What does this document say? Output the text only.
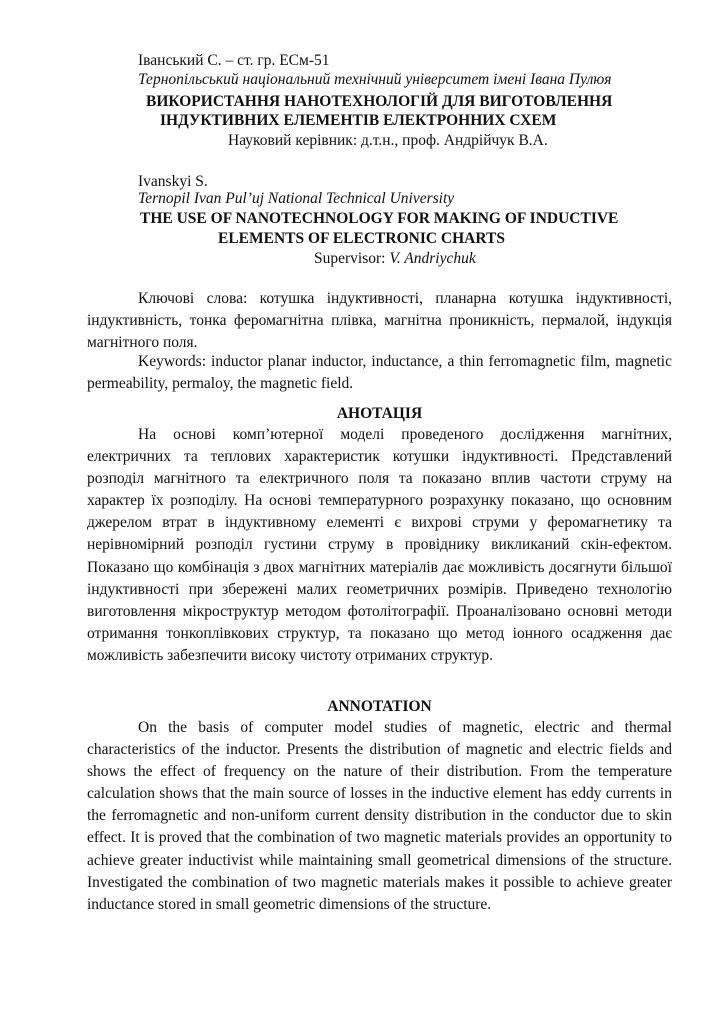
Іванський С. – ст. гр. ЕСм-51
Тернопільський національний технічний університет імені Івана Пулюя
ВИКОРИСТАННЯ НАНОТЕХНОЛОГІЙ ДЛЯ ВИГОТОВЛЕННЯ
ІНДУКТИВНИХ ЕЛЕМЕНТІВ ЕЛЕКТРОННИХ СХЕМ
Науковий керівник: д.т.н., проф. Андрійчук В.А.
Ivanskyi S.
Ternopil Ivan Pul’uj National Technical University
THE USE OF NANOTECHNOLOGY FOR MAKING OF INDUCTIVE
ELEMENTS OF ELECTRONIC CHARTS
Supervisor: V. Andriychuk

Ключові слова: котушка індуктивності, планарна котушка індуктивності, індуктивність, тонка феромагнітна плівка, магнітна проникність, пермалой, індукція магнітного поля.

Keywords: inductor planar inductor, inductance, a thin ferromagnetic film, magnetic permeability, permaloy, the magnetic field.

АНОТАЦІЯ

На основі комп’ютерної моделі проведеного дослідження магнітних, електричних та теплових характеристик котушки індуктивності. Представлений розподіл магнітного та електричного поля та показано вплив частоти струму на характер їх розподілу. На основі температурного розрахунку показано, що основним джерелом втрат в індуктивному елементі є вихрові струми у феромагнетику та нерівномірний розподіл густини струму в провіднику викликаний скін-ефектом. Показано що комбінація з двох магнітних матеріалів дає можливість досягнути більшої індуктивності при збережені малих геометричних розмірів. Приведено технологію виготовлення мікроструктур методом фотолітографії. Проаналізовано основні методи отримання тонкоплівкових структур, та показано що метод іонного осадження дає можливість забезпечити високу чистоту отриманих структур.

ANNOTATION

On the basis of computer model studies of magnetic, electric and thermal characteristics of the inductor. Presents the distribution of magnetic and electric fields and shows the effect of frequency on the nature of their distribution. From the temperature calculation shows that the main source of losses in the inductive element has eddy currents in the ferromagnetic and non-uniform current density distribution in the conductor due to skin effect. It is proved that the combination of two magnetic materials provides an opportunity to achieve greater inductivist while maintaining small geometrical dimensions of the structure. Investigated the combination of two magnetic materials makes it possible to achieve greater inductance stored in small geometric dimensions of the structure.
